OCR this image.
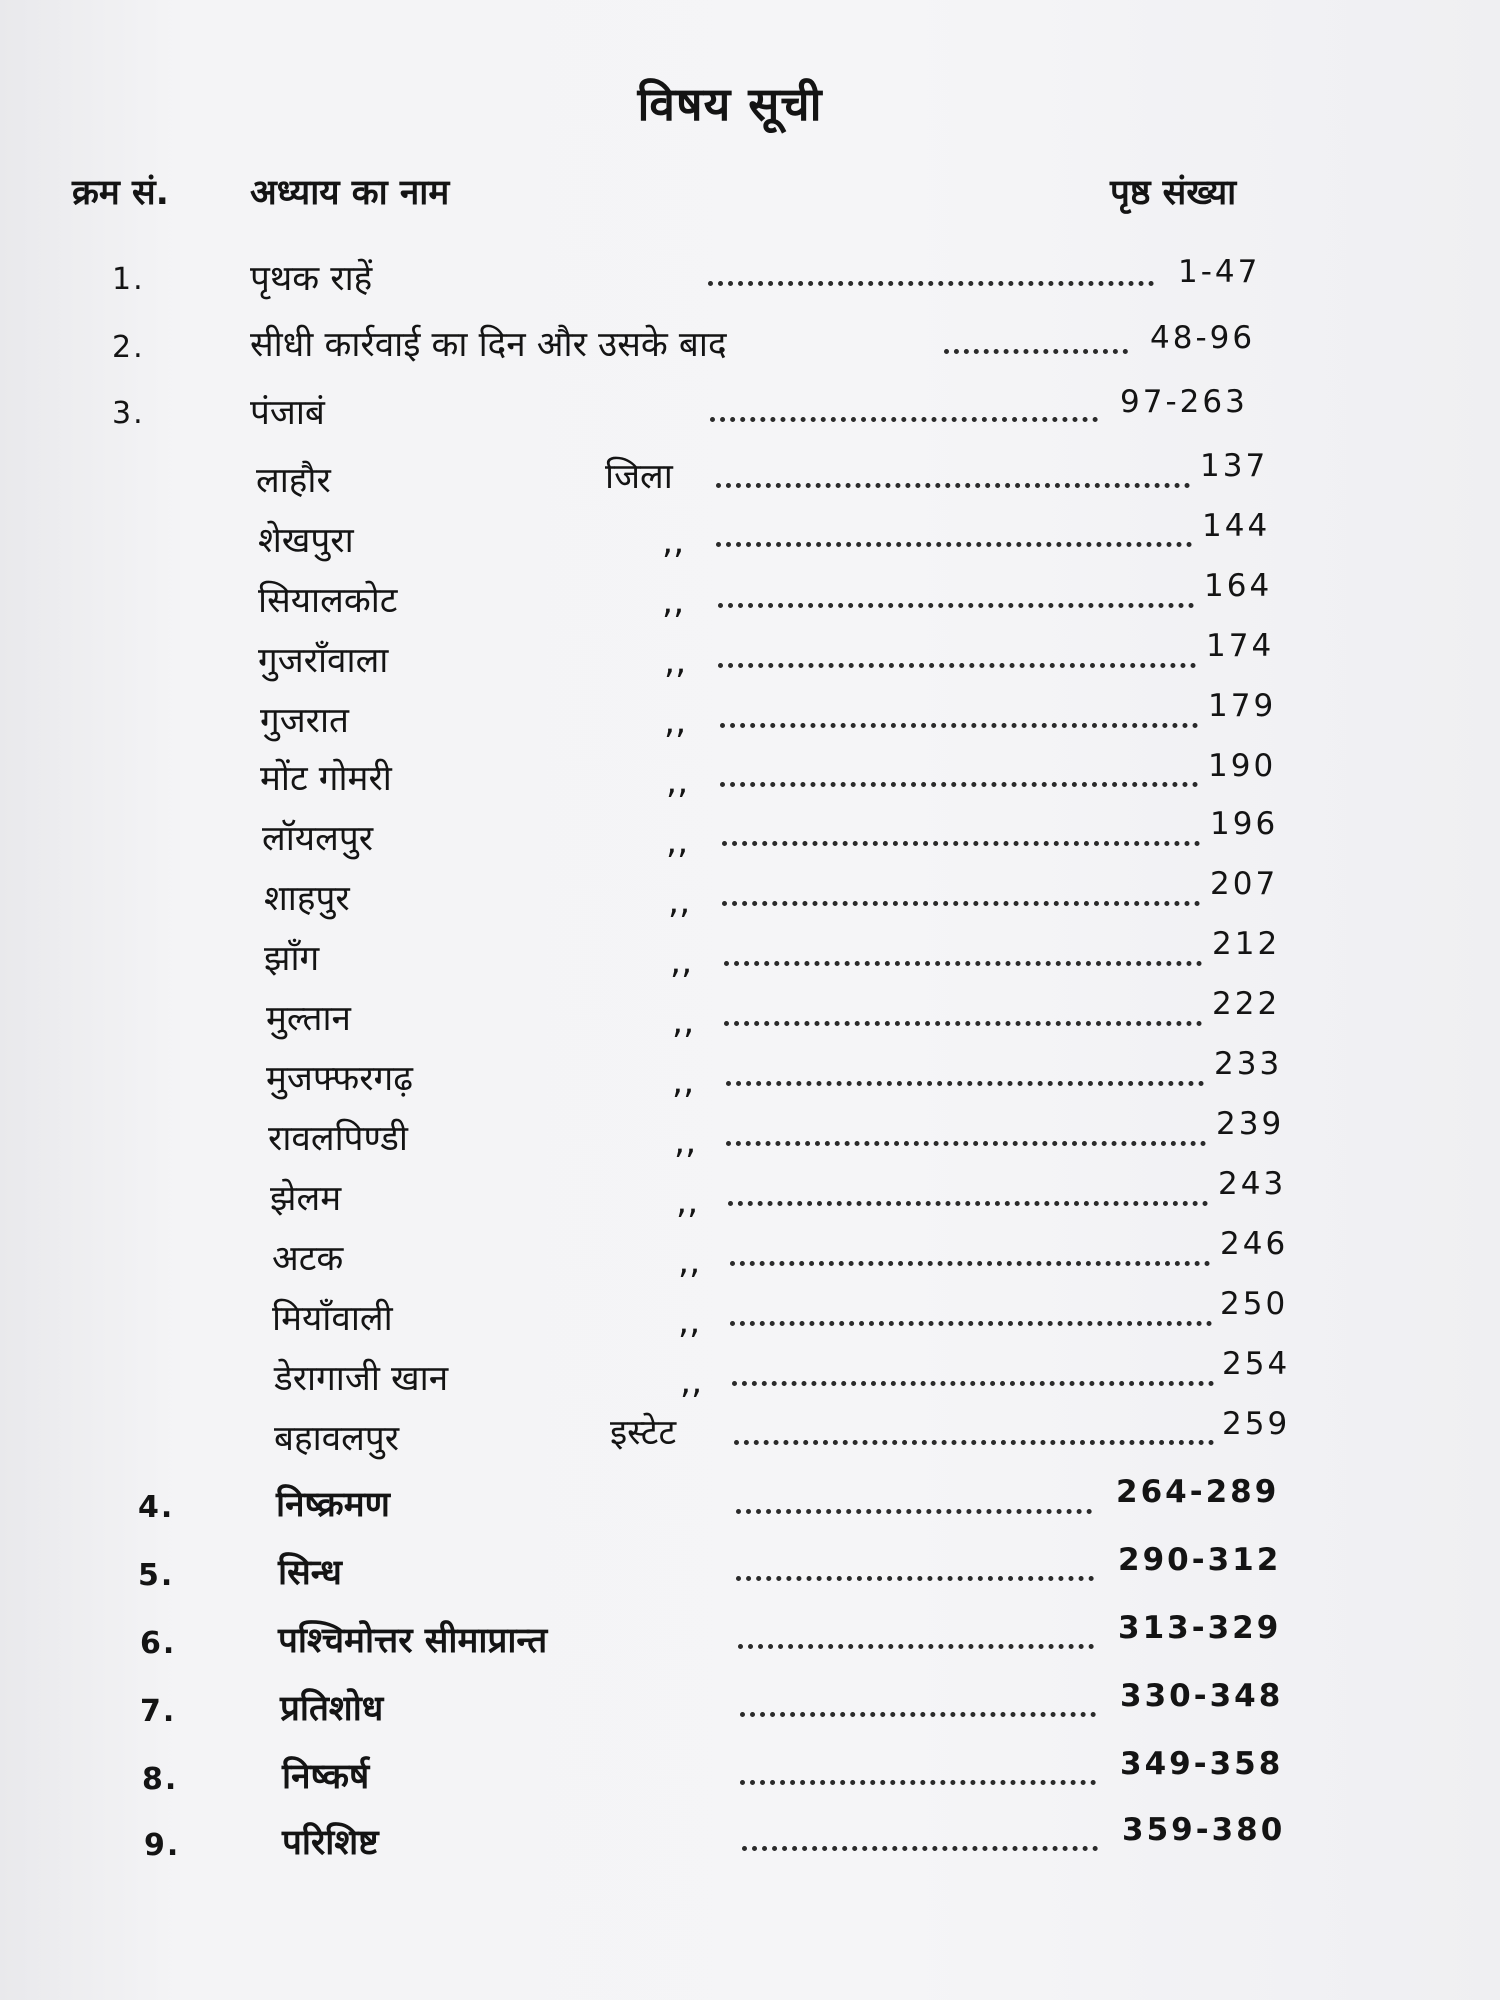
विषय सूची
क्रम सं. अध्याय का नाम	पृष्ठ संख्या
1.	पृथक राहें	1-47
2.	सीधी कार्रवाई का दिन और उसके बाद	48-96
3.	पंजाबं	97-263
लाहौर	जिला	137
शेखपुरा	,,	144
सियालकोट	,,	164
गुजराँवाला	,,	174
गुजरात	,,	179
मोंट गोमरी	,,	190
लॉयलपुर	,,	196
शाहपुर	,,	207
झाँग	,,	212
मुल्तान	,,	222
मुजफ्फरगढ़	,,	233
रावलपिण्डी	,,	239
झेलम	,,	243
अटक	,,	246
मियाँवाली	,,	250
डेरागाजी खान	,,	254
बहावलपुर	इस्टेट	259
4.	निष्क्रमण	264-289
5.	सिन्ध	290-312
6.	पश्चिमोत्तर सीमाप्रान्त	313-329
7.	प्रतिशोध	330-348
8.	निष्कर्ष	349-358
9.	परिशिष्ट	359-380
